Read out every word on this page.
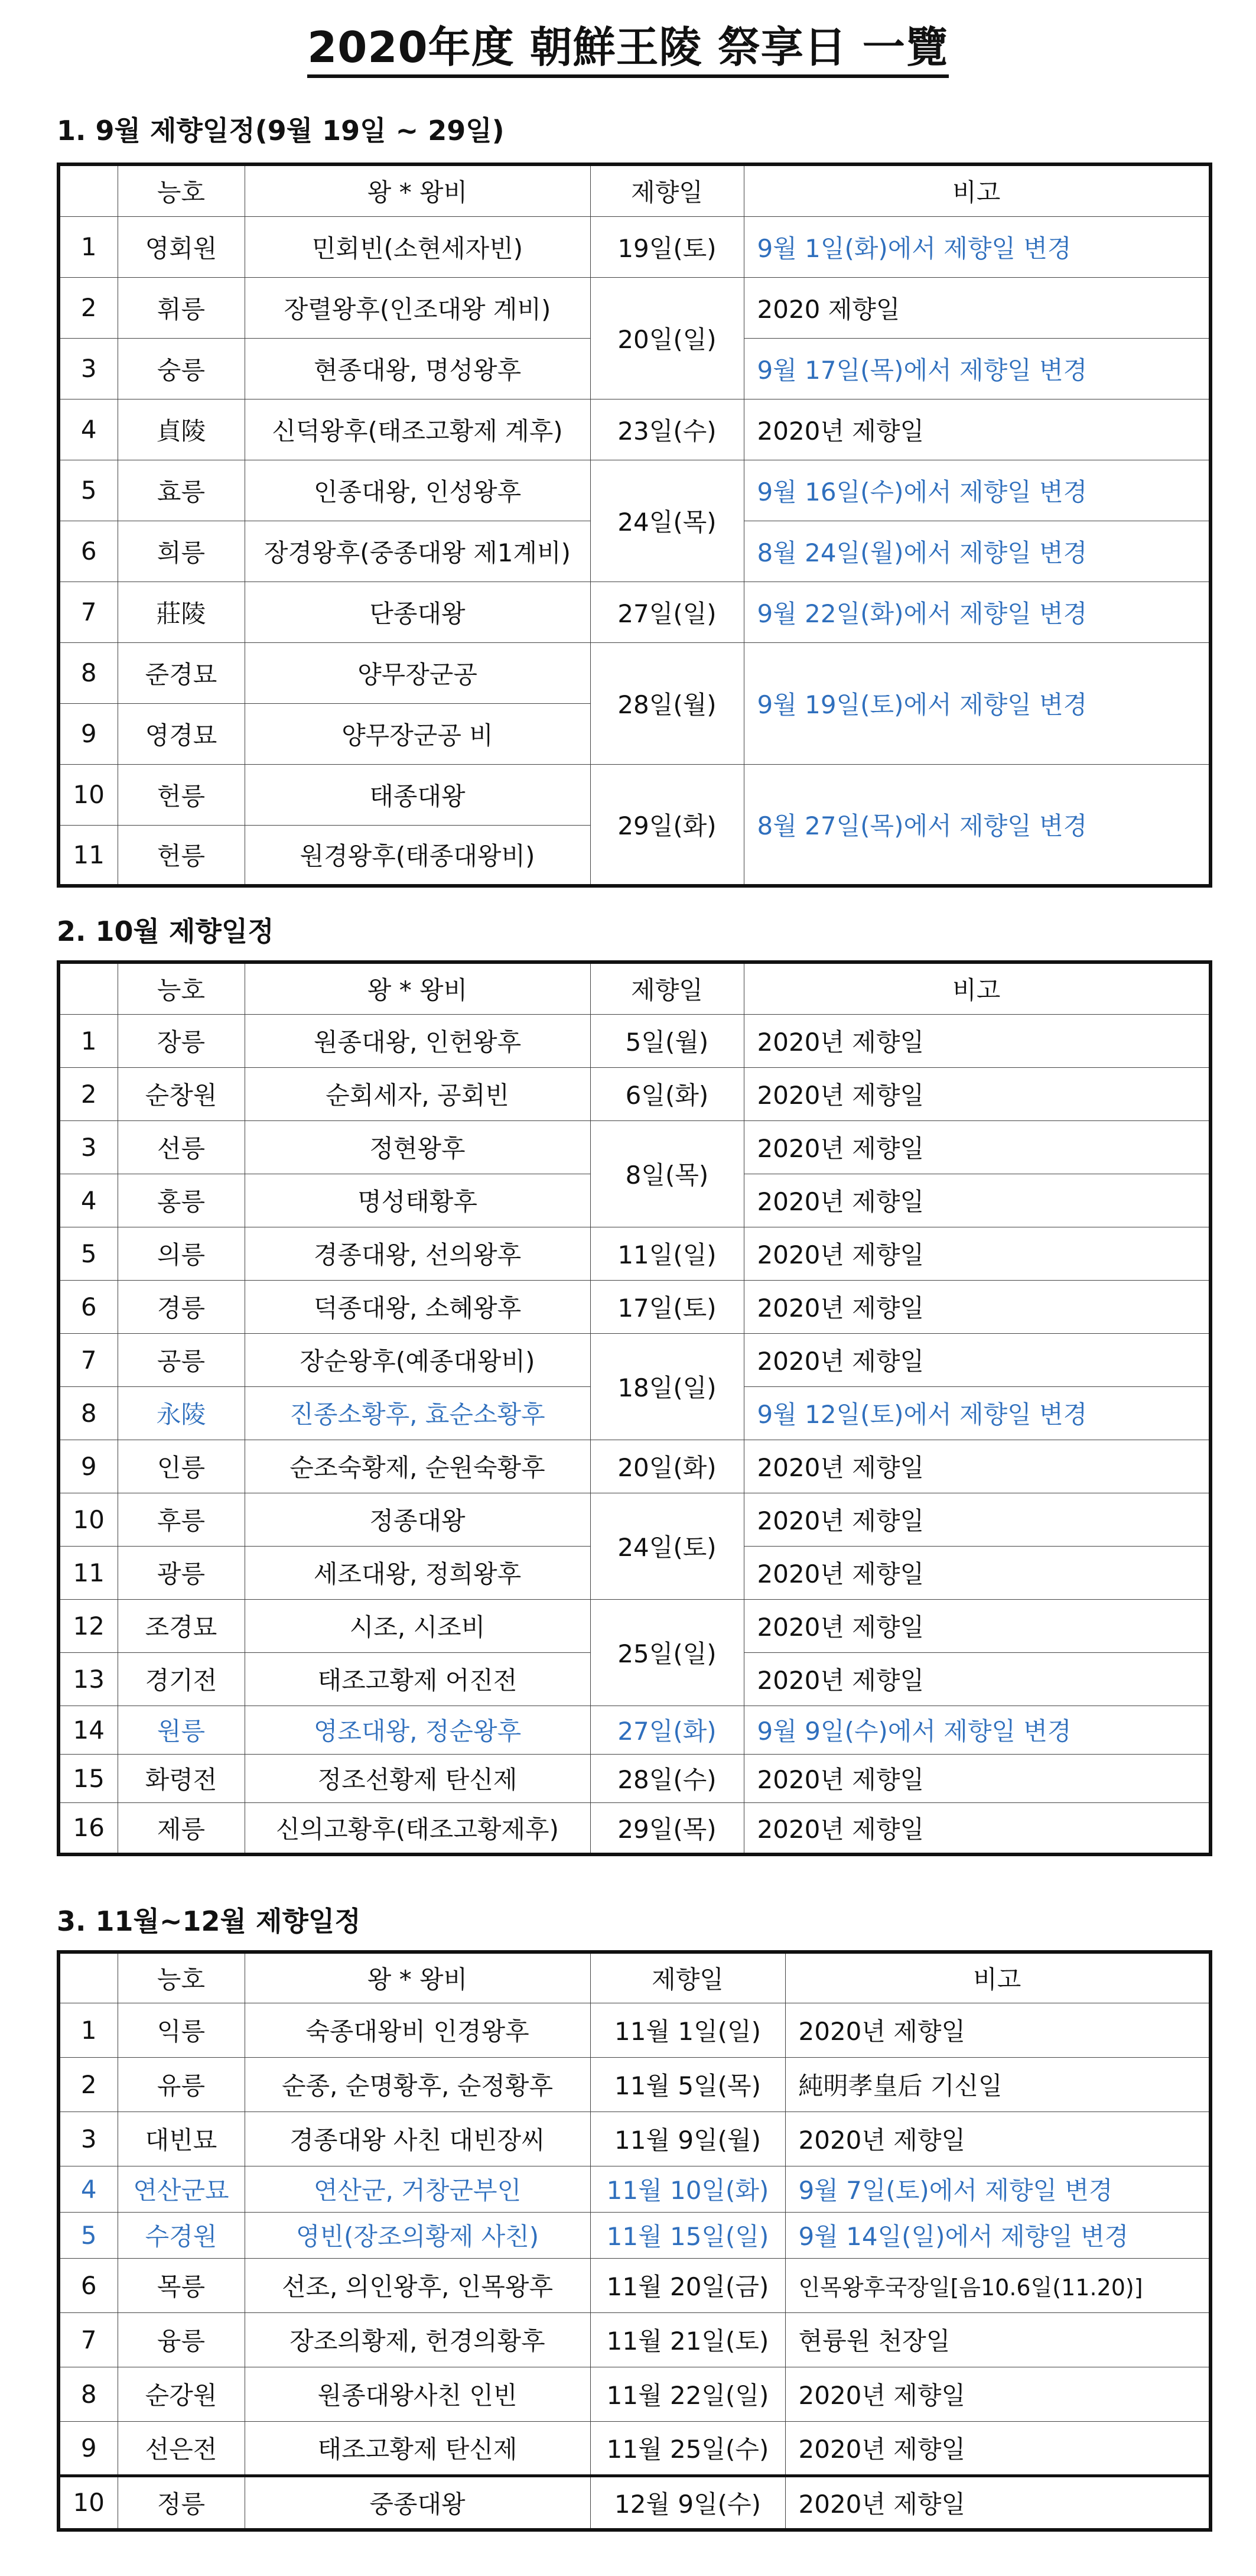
2020年度 朝鮮王陵 祭享日 一覽
1. 9월 제향일정(9월 19일 ~ 29일)
	능호	왕 * 왕비	제향일	비고
1	영회원	민회빈(소현세자빈)	19일(토)	9월 1일(화)에서 제향일 변경
2	휘릉	장렬왕후(인조대왕 계비)	20일(일)	2020 제향일
3	숭릉	현종대왕, 명성왕후		9월 17일(목)에서 제향일 변경
4	貞陵	신덕왕후(태조고황제 계후)	23일(수)	2020년 제향일
5	효릉	인종대왕, 인성왕후	24일(목)	9월 16일(수)에서 제향일 변경
6	희릉	장경왕후(중종대왕 제1계비)		8월 24일(월)에서 제향일 변경
7	莊陵	단종대왕	27일(일)	9월 22일(화)에서 제향일 변경
8	준경묘	양무장군공	28일(월)	9월 19일(토)에서 제향일 변경
9	영경묘	양무장군공 비		
10	헌릉	태종대왕	29일(화)	8월 27일(목)에서 제향일 변경
11	헌릉	원경왕후(태종대왕비)		
2. 10월 제향일정
	능호	왕 * 왕비	제향일	비고
1	장릉	원종대왕, 인헌왕후	5일(월)	2020년 제향일
2	순창원	순회세자, 공회빈	6일(화)	2020년 제향일
3	선릉	정현왕후	8일(목)	2020년 제향일
4	홍릉	명성태황후		2020년 제향일
5	의릉	경종대왕, 선의왕후	11일(일)	2020년 제향일
6	경릉	덕종대왕, 소혜왕후	17일(토)	2020년 제향일
7	공릉	장순왕후(예종대왕비)	18일(일)	2020년 제향일
8	永陵	진종소황후, 효순소황후		9월 12일(토)에서 제향일 변경
9	인릉	순조숙황제, 순원숙황후	20일(화)	2020년 제향일
10	후릉	정종대왕	24일(토)	2020년 제향일
11	광릉	세조대왕, 정희왕후		2020년 제향일
12	조경묘	시조, 시조비	25일(일)	2020년 제향일
13	경기전	태조고황제 어진전		2020년 제향일
14	원릉	영조대왕, 정순왕후	27일(화)	9월 9일(수)에서 제향일 변경
15	화령전	정조선황제 탄신제	28일(수)	2020년 제향일
16	제릉	신의고황후(태조고황제후)	29일(목)	2020년 제향일
3. 11월~12월 제향일정
	능호	왕 * 왕비	제향일	비고
1	익릉	숙종대왕비 인경왕후	11월 1일(일)	2020년 제향일
2	유릉	순종, 순명황후, 순정황후	11월 5일(목)	純明孝皇后 기신일
3	대빈묘	경종대왕 사친 대빈장씨	11월 9일(월)	2020년 제향일
4	연산군묘	연산군, 거창군부인	11월 10일(화)	9월 7일(토)에서 제향일 변경
5	수경원	영빈(장조의황제 사친)	11월 15일(일)	9월 14일(일)에서 제향일 변경
6	목릉	선조, 의인왕후, 인목왕후	11월 20일(금)	인목왕후국장일[음10.6일(11.20)]
7	융릉	장조의황제, 헌경의황후	11월 21일(토)	현륭원 천장일
8	순강원	원종대왕사친 인빈	11월 22일(일)	2020년 제향일
9	선은전	태조고황제 탄신제	11월 25일(수)	2020년 제향일
10	정릉	중종대왕	12월 9일(수)	2020년 제향일
